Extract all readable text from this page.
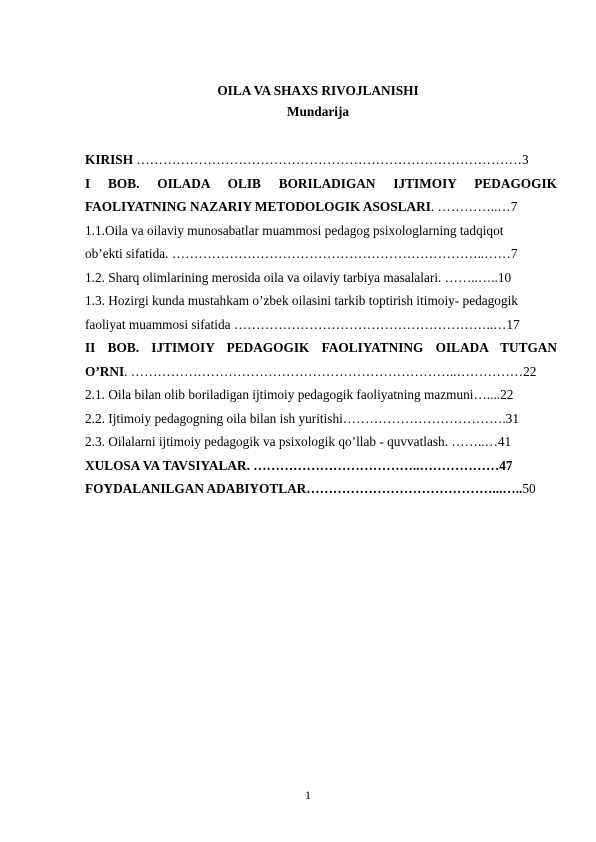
OILA VA SHAXS RIVOJLANISHI
Mundarija
KIRISH ……………………………………………………………………………3
I BOB. OILADA OLIB BORILADIGAN IJTIMOIY PEDAGOGIK
FAOLIYATNING NAZARIY METODOLOGIK ASOSLARI. …………..…7
1.1.Oila va oilaviy munosabatlar muammosi pedagog psixologlarning tadqiqot
ob’ekti sifatida. ……………………………………………………………..……7
1.2. Sharq olimlarining merosida oila va oilaviy tarbiya masalalari. ……..…..10
1.3. Hozirgi kunda mustahkam o’zbek oilasini tarkib toptirish itimoiy- pedagogik
faoliyat muammosi sifatida …………………………………………………..…17
II BOB. IJTIMOIY PEDAGOGIK FAOLIYATNING OILADA TUTGAN
O’RNI. ………………………………………………………………..……………22
2.1. Oila bilan olib boriladigan ijtimoiy pedagogik faoliyatning mazmuni…....22
2.2. Ijtimoiy pedagogning oila bilan ish yuritishi……………………………….31
2.3. Oilalarni ijtimoiy pedagogik va psixologik qo’llab - quvvatlash. ……..…41
XULOSA VA TAVSIYALAR. ………………………………..………………47
FOYDALANILGAN ADABIYOTLAR……………………………………...…..50
1
